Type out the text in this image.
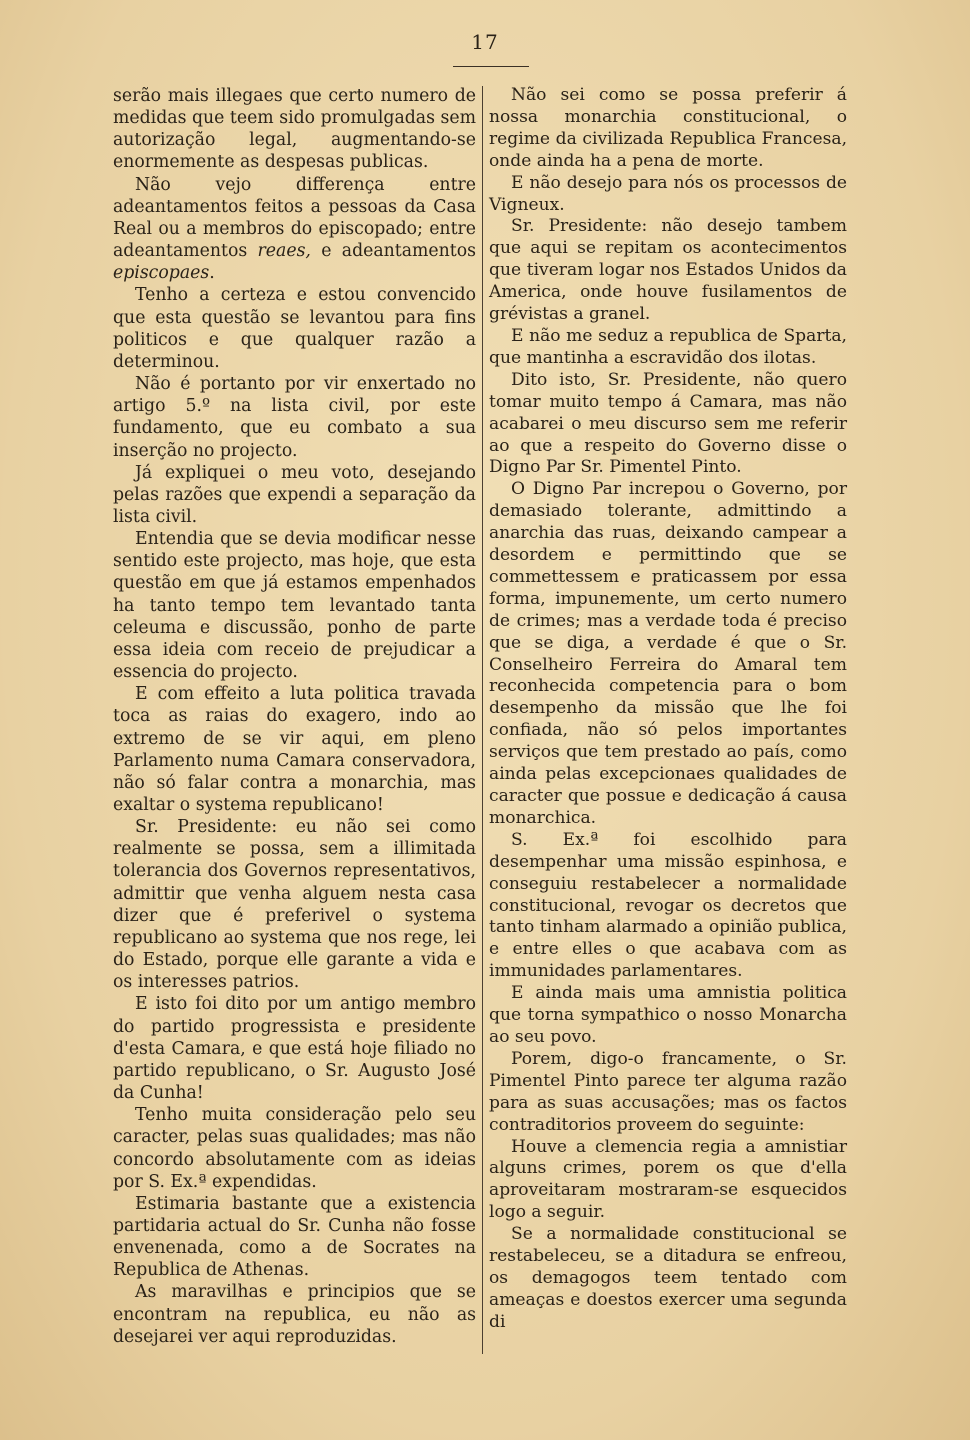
17

serão mais illegaes que certo numero de medidas que teem sido promulgadas sem autorização legal, augmentando-se enormemente as despesas publicas.

Não vejo differença entre adeantamentos feitos a pessoas da Casa Real ou a membros do episcopado; entre adeantamentos reaes, e adeantamentos episcopaes.

Tenho a certeza e estou convencido que esta questão se levantou para fins politicos e que qualquer razão a determinou.

Não é portanto por vir enxertado no artigo 5.º na lista civil, por este fundamento, que eu combato a sua inserção no projecto.

Já expliquei o meu voto, desejando pelas razões que expendi a separação da lista civil.

Entendia que se devia modificar nesse sentido este projecto, mas hoje, que esta questão em que já estamos empenhados ha tanto tempo tem levantado tanta celeuma e discussão, ponho de parte essa ideia com receio de prejudicar a essencia do projecto.

E com effeito a luta politica travada toca as raias do exagero, indo ao extremo de se vir aqui, em pleno Parlamento numa Camara conservadora, não só falar contra a monarchia, mas exaltar o systema republicano!

Sr. Presidente: eu não sei como realmente se possa, sem a illimitada tolerancia dos Governos representativos, admittir que venha alguem nesta casa dizer que é preferivel o systema republicano ao systema que nos rege, lei do Estado, porque elle garante a vida e os interesses patrios.

E isto foi dito por um antigo membro do partido progressista e presidente d'esta Camara, e que está hoje filiado no partido republicano, o Sr. Augusto José da Cunha!

Tenho muita consideração pelo seu caracter, pelas suas qualidades; mas não concordo absolutamente com as ideias por S. Ex.ª expendidas.

Estimaria bastante que a existencia partidaria actual do Sr. Cunha não fosse envenenada, como a de Socrates na Republica de Athenas.

As maravilhas e principios que se encontram na republica, eu não as desejarei ver aqui reproduzidas.

Não sei como se possa preferir á nossa monarchia constitucional, o regime da civilizada Republica Francesa, onde ainda ha a pena de morte.

E não desejo para nós os processos de Vigneux.

Sr. Presidente: não desejo tambem que aqui se repitam os acontecimentos que tiveram logar nos Estados Unidos da America, onde houve fusilamentos de grévistas a granel.

E não me seduz a republica de Sparta, que mantinha a escravidão dos ilotas.

Dito isto, Sr. Presidente, não quero tomar muito tempo á Camara, mas não acabarei o meu discurso sem me referir ao que a respeito do Governo disse o Digno Par Sr. Pimentel Pinto.

O Digno Par increpou o Governo, por demasiado tolerante, admittindo a anarchia das ruas, deixando campear a desordem e permittindo que se commettessem e praticassem por essa forma, impunemente, um certo numero de crimes; mas a verdade toda é preciso que se diga, a verdade é que o Sr. Conselheiro Ferreira do Amaral tem reconhecida competencia para o bom desempenho da missão que lhe foi confiada, não só pelos importantes serviços que tem prestado ao país, como ainda pelas excepcionaes qualidades de caracter que possue e dedicação á causa monarchica.

S. Ex.ª foi escolhido para desempenhar uma missão espinhosa, e conseguiu restabelecer a normalidade constitucional, revogar os decretos que tanto tinham alarmado a opinião publica, e entre elles o que acabava com as immunidades parlamentares.

E ainda mais uma amnistia politica que torna sympathico o nosso Monarcha ao seu povo.

Porem, digo-o francamente, o Sr. Pimentel Pinto parece ter alguma razão para as suas accusações; mas os factos contraditorios proveem do seguinte:

Houve a clemencia regia a amnistiar alguns crimes, porem os que d'ella aproveitaram mostraram-se esquecidos logo a seguir.

Se a normalidade constitucional se restabeleceu, se a ditadura se enfreou, os demagogos teem tentado com ameaças e doestos exercer uma segunda di
